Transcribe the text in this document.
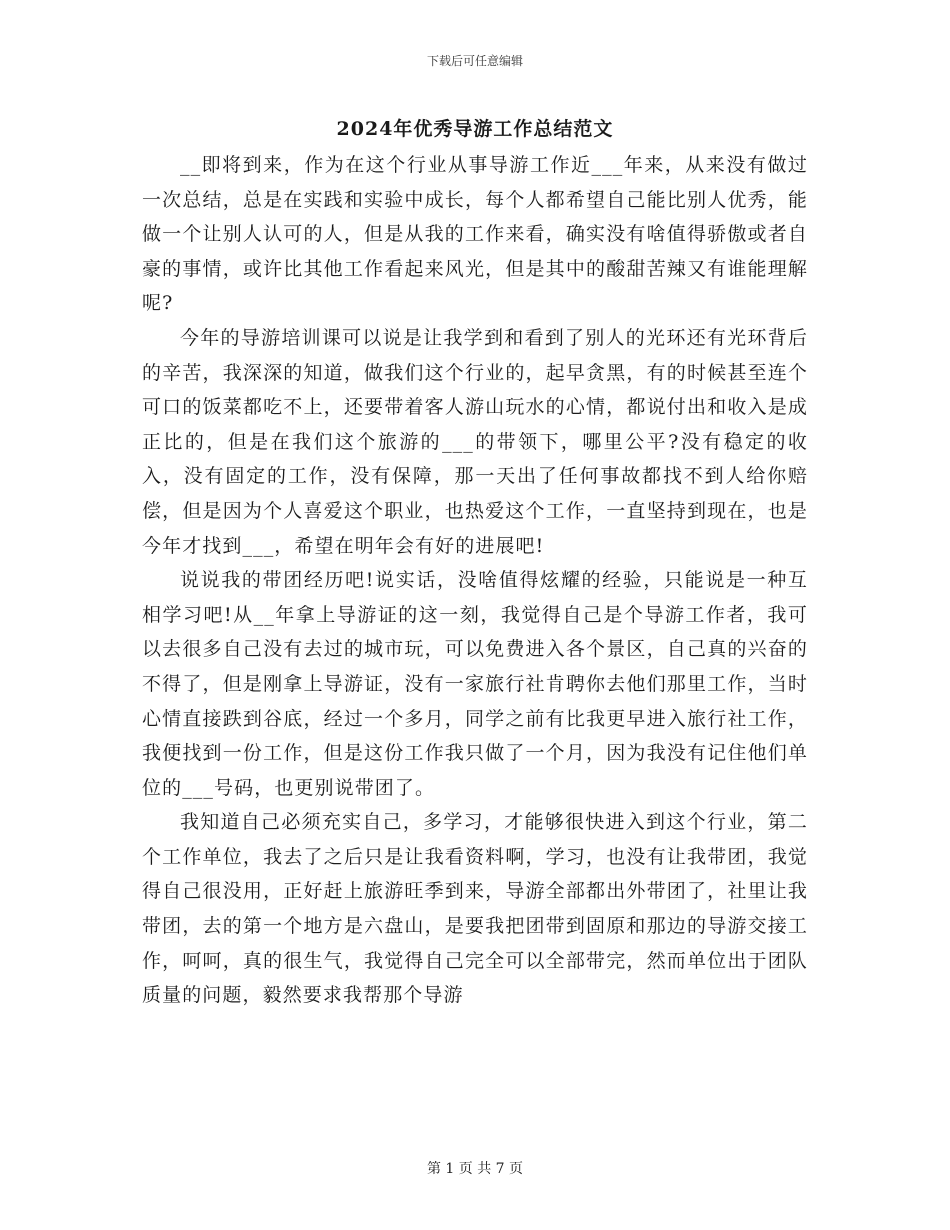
下载后可任意编辑
2024年优秀导游工作总结范文

__即将到来，作为在这个行业从事导游工作近___年来，从来没有做过一次总结，总是在实践和实验中成长，每个人都希望自己能比别人优秀，能做一个让别人认可的人，但是从我的工作来看，确实没有啥值得骄傲或者自豪的事情，或许比其他工作看起来风光，但是其中的酸甜苦辣又有谁能理解呢?

今年的导游培训课可以说是让我学到和看到了别人的光环还有光环背后的辛苦，我深深的知道，做我们这个行业的，起早贪黑，有的时候甚至连个可口的饭菜都吃不上，还要带着客人游山玩水的心情，都说付出和收入是成正比的，但是在我们这个旅游的___的带领下，哪里公平?没有稳定的收入，没有固定的工作，没有保障，那一天出了任何事故都找不到人给你赔偿，但是因为个人喜爱这个职业，也热爱这个工作，一直坚持到现在，也是今年才找到___，希望在明年会有好的进展吧!

说说我的带团经历吧!说实话，没啥值得炫耀的经验，只能说是一种互相学习吧!从__年拿上导游证的这一刻，我觉得自己是个导游工作者，我可以去很多自己没有去过的城市玩，可以免费进入各个景区，自己真的兴奋的不得了，但是刚拿上导游证，没有一家旅行社肯聘你去他们那里工作，当时心情直接跌到谷底，经过一个多月，同学之前有比我更早进入旅行社工作，我便找到一份工作，但是这份工作我只做了一个月，因为我没有记住他们单位的___号码，也更别说带团了。

我知道自己必须充实自己，多学习，才能够很快进入到这个行业，第二个工作单位，我去了之后只是让我看资料啊，学习，也没有让我带团，我觉得自己很没用，正好赶上旅游旺季到来，导游全部都出外带团了，社里让我带团，去的第一个地方是六盘山，是要我把团带到固原和那边的导游交接工作，呵呵，真的很生气，我觉得自己完全可以全部带完，然而单位出于团队质量的问题，毅然要求我帮那个导游

第 1 页 共 7 页
